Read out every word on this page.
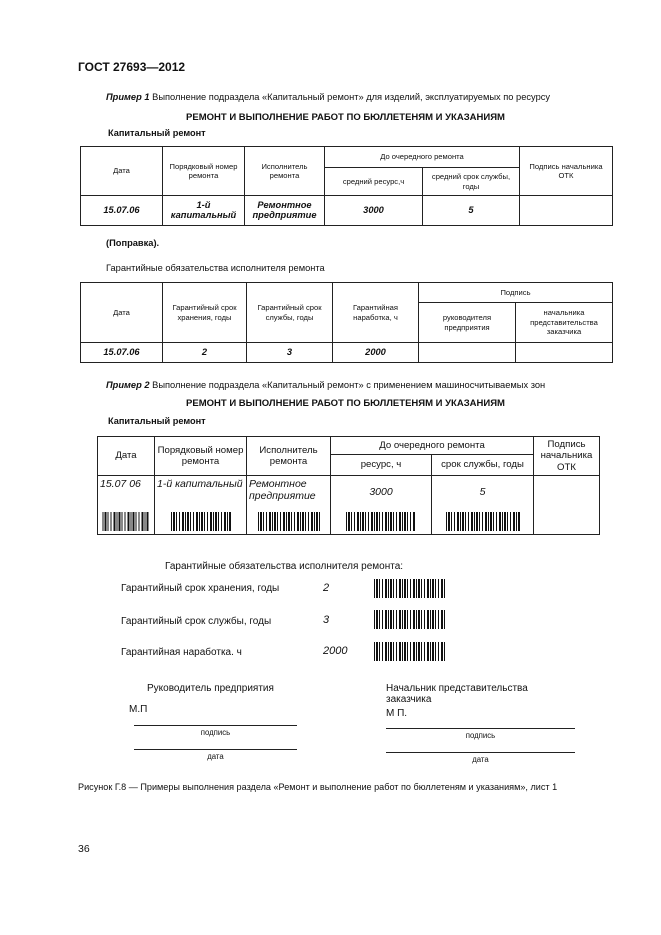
ГОСТ 27693—2012
Пример 1 Выполнение подраздела «Капитальный ремонт» для изделий, эксплуатируемых по ресурсу
РЕМОНТ И ВЫПОЛНЕНИЕ РАБОТ ПО БЮЛЛЕТЕНЯМ И УКАЗАНИЯМ
Капитальный ремонт
Дата	Порядковый номер ремонта	Исполнитель ремонта	До очередного ремонта		Подпись начальника ОТК
			средний ресурс,ч	средний срок службы, годы	
15.07.06	1-й капитальный	Ремонтное предприятие	3000	5	
(Поправка).
Гарантийные обязательства исполнителя ремонта
Дата	Гарантийный срок хранения, годы	Гарантийный срок службы, годы	Гарантийная наработка, ч	Подпись	
				руководителя предприятия	начальника представительства заказчика
15.07.06	2	3	2000		
Пример 2 Выполнение подраздела «Капитальный ремонт» с применением машиносчитываемых зон
РЕМОНТ И ВЫПОЛНЕНИЕ РАБОТ ПО БЮЛЛЕТЕНЯМ И УКАЗАНИЯМ
Капитальный ремонт
Дата	Порядковый номер ремонта	Исполнитель ремонта	До очередного ремонта		Подпись начальника ОТК
			ресурс, ч	срок службы, годы	
15.07 06	1-й капитальный	Ремонтное предприятие	3000	5

Гарантийные обязательства исполнителя ремонта:
Гарантийный срок хранения, годы	2
Гарантийный срок службы, годы	3
Гарантийная наработка. ч	2000
Руководитель предприятия
М.П
подпись
дата
Начальник представительства заказчика
М П.
подпись
дата
Рисунок Г.8 — Примеры выполнения раздела «Ремонт и выполнение работ по бюллетеням и указаниям», лист 1
36
